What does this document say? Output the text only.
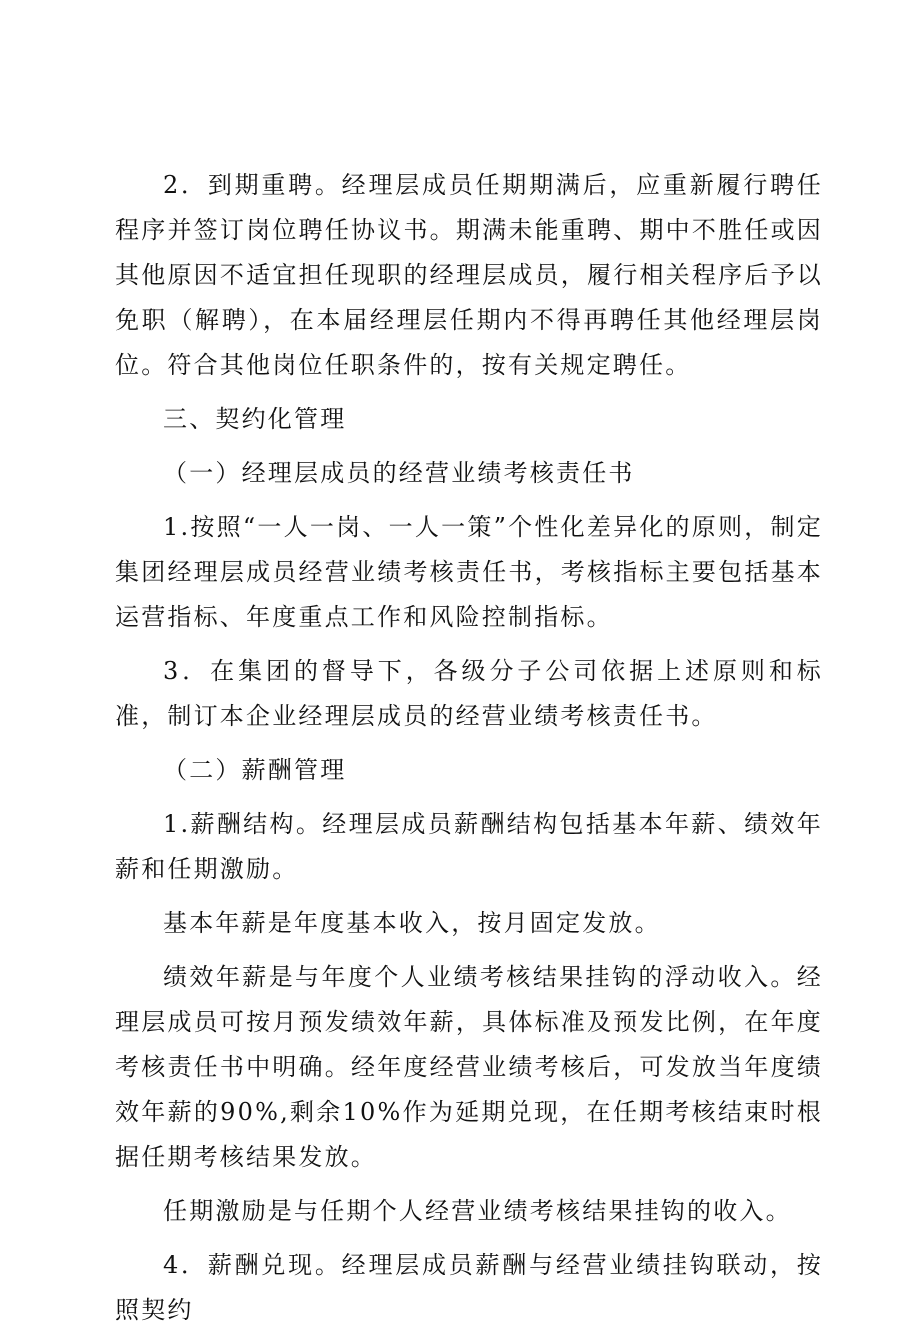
2．到期重聘。经理层成员任期期满后，应重新履行聘任程序并签订岗位聘任协议书。期满未能重聘、期中不胜任或因其他原因不适宜担任现职的经理层成员，履行相关程序后予以免职（解聘），在本届经理层任期内不得再聘任其他经理层岗位。符合其他岗位任职条件的，按有关规定聘任。

三、契约化管理

（一）经理层成员的经营业绩考核责任书

1.按照“一人一岗、一人一策”个性化差异化的原则，制定集团经理层成员经营业绩考核责任书，考核指标主要包括基本运营指标、年度重点工作和风险控制指标。

3．在集团的督导下，各级分子公司依据上述原则和标准，制订本企业经理层成员的经营业绩考核责任书。

（二）薪酬管理

1.薪酬结构。经理层成员薪酬结构包括基本年薪、绩效年薪和任期激励。

基本年薪是年度基本收入，按月固定发放。

绩效年薪是与年度个人业绩考核结果挂钩的浮动收入。经理层成员可按月预发绩效年薪，具体标准及预发比例，在年度考核责任书中明确。经年度经营业绩考核后，可发放当年度绩效年薪的90%,剩余10%作为延期兑现，在任期考核结束时根据任期考核结果发放。

任期激励是与任期个人经营业绩考核结果挂钩的收入。

4．薪酬兑现。经理层成员薪酬与经营业绩挂钩联动，按照契约
